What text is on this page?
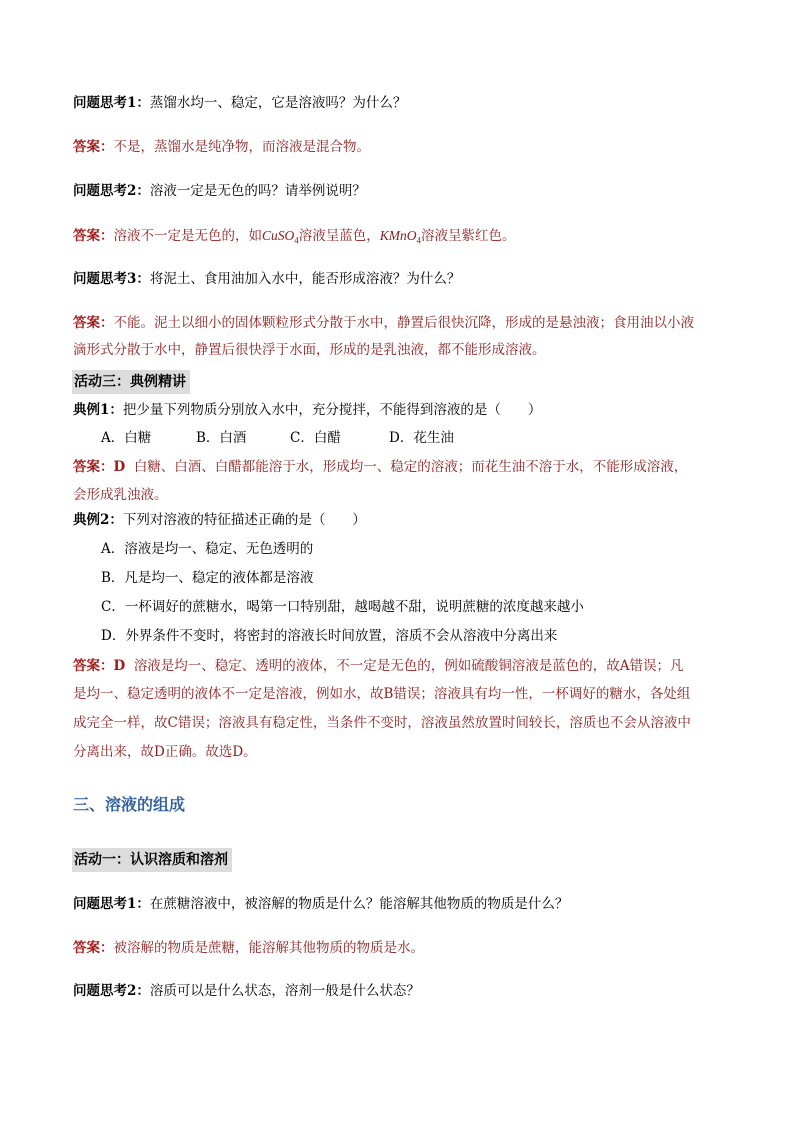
问题思考1：蒸馏水均一、稳定，它是溶液吗？为什么？

答案：不是，蒸馏水是纯净物，而溶液是混合物。

问题思考2：溶液一定是无色的吗？请举例说明？

答案：溶液不一定是无色的，如CuSO$_4$溶液呈蓝色，KMnO$_4$溶液呈紫红色。

问题思考3：将泥土、食用油加入水中，能否形成溶液？为什么？

答案：不能。泥土以细小的固体颗粒形式分散于水中，静置后很快沉降，形成的是悬浊液；食用油以小液

滴形式分散于水中，静置后很快浮于水面，形成的是乳浊液，都不能形成溶液。

活动三：典例精讲

典例1：把少量下列物质分别放入水中，充分搅拌，不能得到溶液的是（　　）

A．白糖	B．白酒	C．白醋	D．花生油

答案：D 白糖、白酒、白醋都能溶于水，形成均一、稳定的溶液；而花生油不溶于水，不能形成溶液，

会形成乳浊液。

典例2：下列对溶液的特征描述正确的是（　　）

A．溶液是均一、稳定、无色透明的
B．凡是均一、稳定的液体都是溶液
C．一杯调好的蔗糖水，喝第一口特别甜，越喝越不甜，说明蔗糖的浓度越来越小
D．外界条件不变时，将密封的溶液长时间放置，溶质不会从溶液中分离出来

答案：D 溶液是均一、稳定、透明的液体，不一定是无色的，例如硫酸铜溶液是蓝色的，故A错误；凡

是均一、稳定透明的液体不一定是溶液，例如水，故B错误；溶液具有均一性，一杯调好的糖水，各处组

成完全一样，故C错误；溶液具有稳定性，当条件不变时，溶液虽然放置时间较长，溶质也不会从溶液中

分离出来，故D正确。故选D。

三、溶液的组成
活动一：认识溶质和溶剂

问题思考1：在蔗糖溶液中，被溶解的物质是什么？能溶解其他物质的物质是什么？

答案：被溶解的物质是蔗糖，能溶解其他物质的物质是水。

问题思考2：溶质可以是什么状态，溶剂一般是什么状态？
